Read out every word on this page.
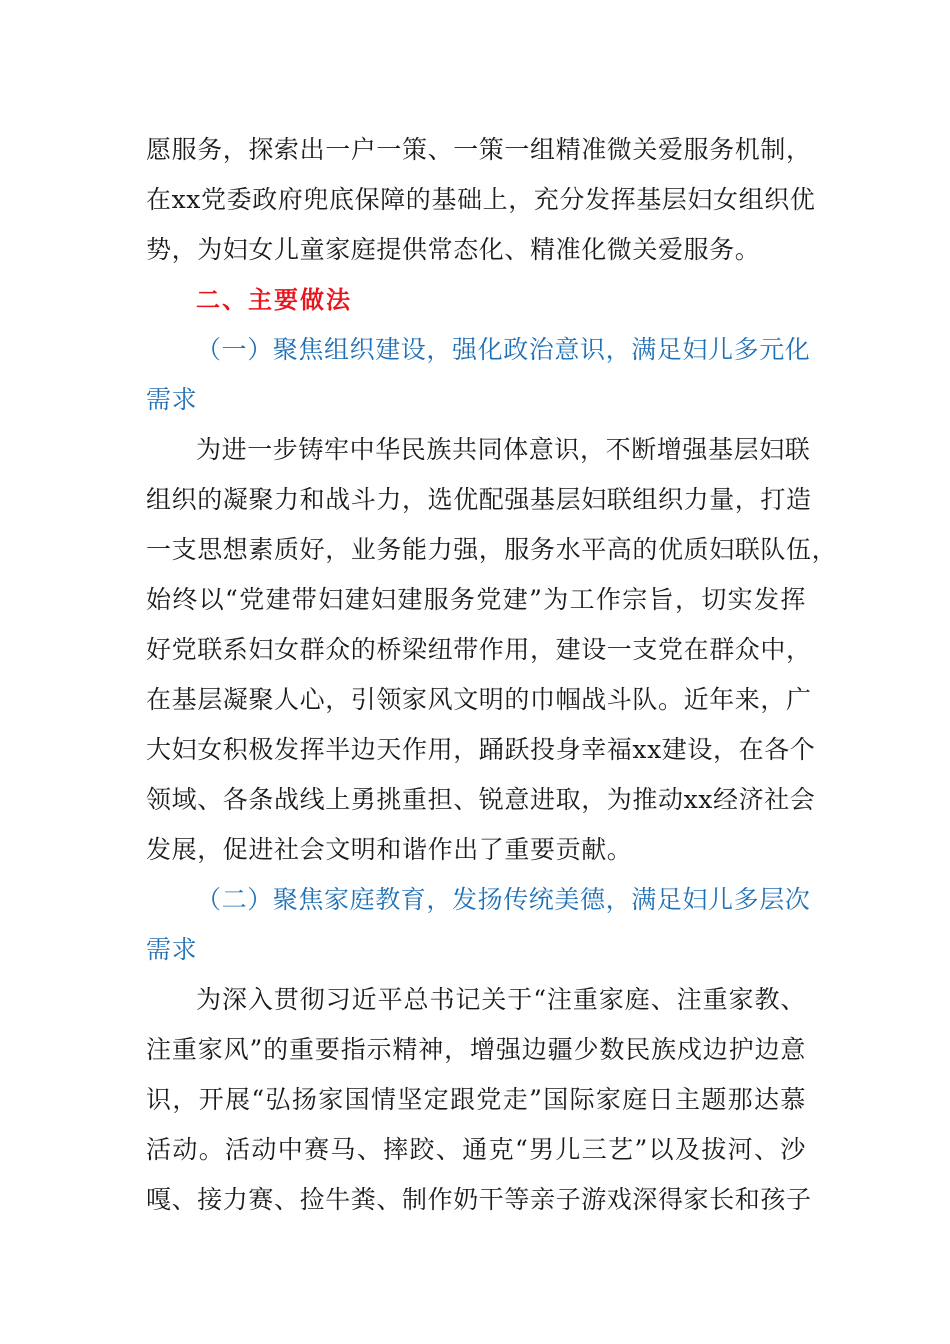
愿服务，探索出一户一策、一策一组精准微关爱服务机制，
在xx党委政府兜底保障的基础上，充分发挥基层妇女组织优
势，为妇女儿童家庭提供常态化、精准化微关爱服务。
二、主要做法
（一）聚焦组织建设，强化政治意识，满足妇儿多元化
需求
为进一步铸牢中华民族共同体意识，不断增强基层妇联
组织的凝聚力和战斗力，选优配强基层妇联组织力量，打造
一支思想素质好，业务能力强，服务水平高的优质妇联队伍，
始终以“党建带妇建妇建服务党建”为工作宗旨，切实发挥
好党联系妇女群众的桥梁纽带作用，建设一支党在群众中，
在基层凝聚人心，引领家风文明的巾帼战斗队。近年来，广
大妇女积极发挥半边天作用，踊跃投身幸福xx建设，在各个
领域、各条战线上勇挑重担、锐意进取，为推动xx经济社会
发展，促进社会文明和谐作出了重要贡献。
（二）聚焦家庭教育，发扬传统美德，满足妇儿多层次
需求
为深入贯彻习近平总书记关于“注重家庭、注重家教、
注重家风”的重要指示精神，增强边疆少数民族戍边护边意
识，开展“弘扬家国情坚定跟党走”国际家庭日主题那达慕
活动。活动中赛马、摔跤、通克“男儿三艺”以及拔河、沙
嘎、接力赛、捡牛粪、制作奶干等亲子游戏深得家长和孩子
